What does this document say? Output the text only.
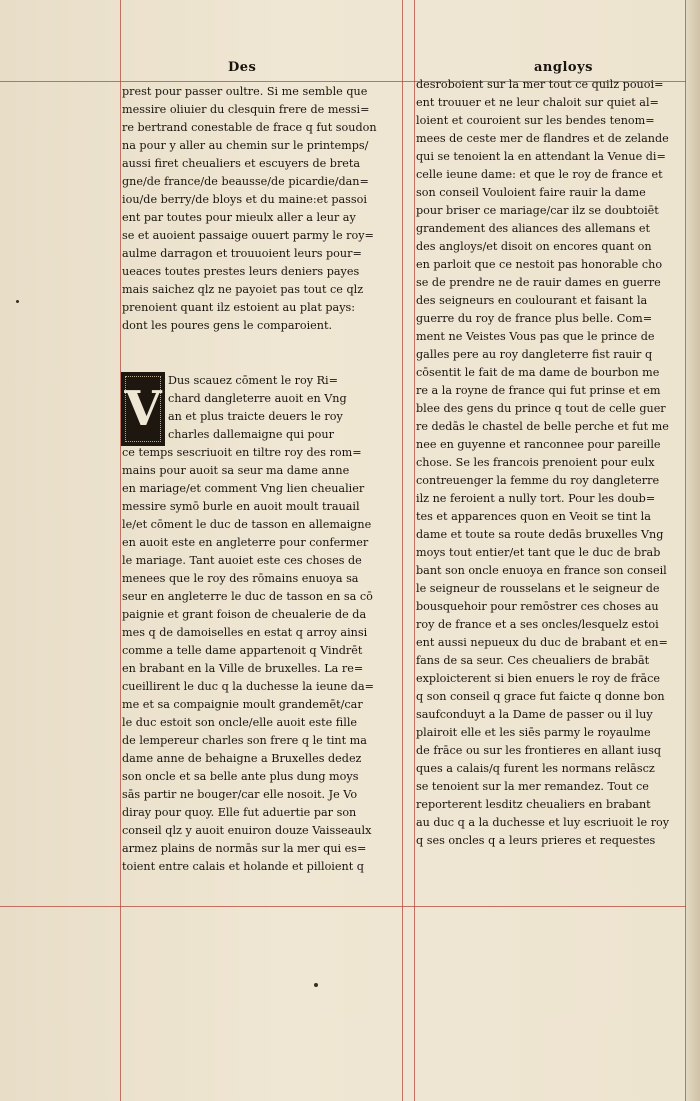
Des	angloys
prest pour passer oultre. Si me semble que
messire oliuier du clesquin frere de messi=
re bertrand conestable de frace q fut soudon
na pour y aller au chemin sur le printemps/
aussi firet cheualiers et escuyers de breta
gne/de france/de beausse/de picardie/dan=
iou/de berry/de bloys et du maine:et passoi
ent par toutes pour mieulx aller a leur ay
se et auoient passaige ouuert parmy le roy=
aulme darragon et trouuoient leurs pour=
ueaces toutes prestes leurs deniers payes
mais saichez qlz ne payoiet pas tout ce qlz
prenoient quant ilz estoient au plat pays:
dont les poures gens le comparoient.
V
Dus scauez cōment le roy Ri=
chard dangleterre auoit en Vng
an et plus traicte deuers le roy
charles dallemaigne qui pour
ce temps sescriuoit en tiltre roy des rom=
mains pour auoit sa seur ma dame anne
en mariage/et comment Vng lien cheualier
messire symō burle en auoit moult trauail
le/et cōment le duc de tasson en allemaigne
en auoit este en angleterre pour confermer
le mariage. Tant auoiet este ces choses de
menees que le roy des rōmains enuoya sa
seur en angleterre le duc de tasson en sa cō
paignie et grant foison de cheualerie de da
mes q de damoiselles en estat q arroy ainsi
comme a telle dame appartenoit q Vindrēt
en brabant en la Ville de bruxelles. La re=
cueillirent le duc q la duchesse la ieune da=
me et sa compaignie moult grandemēt/car
le duc estoit son oncle/elle auoit este fille
de lempereur charles son frere q le tint ma
dame anne de behaigne a Bruxelles dedez
son oncle et sa belle ante plus dung moys
sās partir ne bouger/car elle nosoit. Je Vo
diray pour quoy. Elle fut aduertie par son
conseil qlz y auoit enuiron douze Vaisseaulx
armez plains de normās sur la mer qui es=
toient entre calais et holande et pilloient q
desroboient sur la mer tout ce quilz pouoi=
ent trouuer et ne leur chaloit sur quiet al=
loient et couroient sur les bendes tenom=
mees de ceste mer de flandres et de zelande
qui se tenoient la en attendant la Venue di=
celle ieune dame: et que le roy de france et
son conseil Vouloient faire rauir la dame
pour briser ce mariage/car ilz se doubtoiēt
grandement des aliances des allemans et
des angloys/et disoit on encores quant on
en parloit que ce nestoit pas honorable cho
se de prendre ne de rauir dames en guerre
des seigneurs en coulourant et faisant la
guerre du roy de france plus belle. Com=
ment ne Veistes Vous pas que le prince de
galles pere au roy dangleterre fist rauir q
cōsentit le fait de ma dame de bourbon me
re a la royne de france qui fut prinse et em
blee des gens du prince q tout de celle guer
re dedās le chastel de belle perche et fut me
nee en guyenne et ranconnee pour pareille
chose. Se les francois prenoient pour eulx
contreuenger la femme du roy dangleterre
ilz ne feroient a nully tort. Pour les doub=
tes et apparences quon en Veoit se tint la
dame et toute sa route dedās bruxelles Vng
moys tout entier/et tant que le duc de brab
bant son oncle enuoya en france son conseil
le seigneur de rousselans et le seigneur de
bousquehoir pour remōstrer ces choses au
roy de france et a ses oncles/lesquelz estoi
ent aussi nepueux du duc de brabant et en=
fans de sa seur. Ces cheualiers de brabāt
exploicterent si bien enuers le roy de frāce
q son conseil q grace fut faicte q donne bon
saufconduyt a la Dame de passer ou il luy
plairoit elle et les siēs parmy le royaulme
de frāce ou sur les frontieres en allant iusq
ques a calais/q furent les normans relāscz
se tenoient sur la mer remandez. Tout ce
reporterent lesditz cheualiers en brabant
au duc q a la duchesse et luy escriuoit le roy
q ses oncles q a leurs prieres et requestes
